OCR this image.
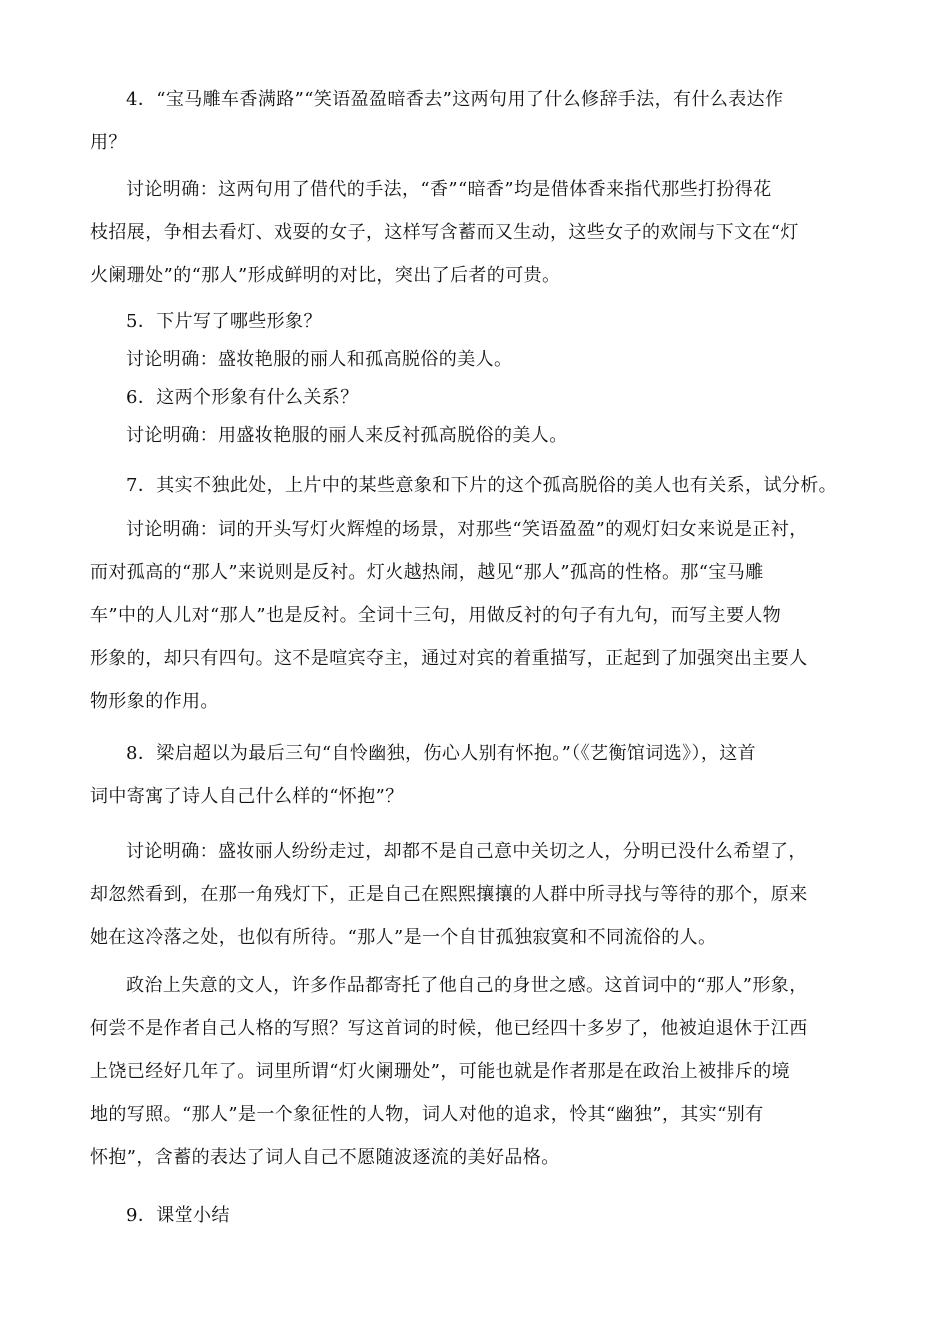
4．“宝马雕车香满路”“笑语盈盈暗香去”这两句用了什么修辞手法，有什么表达作
用？
讨论明确：这两句用了借代的手法，“香”“暗香”均是借体香来指代那些打扮得花
枝招展，争相去看灯、戏耍的女子，这样写含蓄而又生动，这些女子的欢闹与下文在“灯
火阑珊处”的“那人”形成鲜明的对比，突出了后者的可贵。
5．下片写了哪些形象？
讨论明确：盛妆艳服的丽人和孤高脱俗的美人。
6．这两个形象有什么关系？
讨论明确：用盛妆艳服的丽人来反衬孤高脱俗的美人。
7．其实不独此处，上片中的某些意象和下片的这个孤高脱俗的美人也有关系，试分析。
讨论明确：词的开头写灯火辉煌的场景，对那些“笑语盈盈”的观灯妇女来说是正衬，
而对孤高的“那人”来说则是反衬。灯火越热闹，越见“那人”孤高的性格。那“宝马雕
车”中的人儿对“那人”也是反衬。全词十三句，用做反衬的句子有九句，而写主要人物
形象的，却只有四句。这不是喧宾夺主，通过对宾的着重描写，正起到了加强突出主要人
物形象的作用。
8．梁启超以为最后三句“自怜幽独，伤心人别有怀抱。”（《艺衡馆词选》），这首
词中寄寓了诗人自己什么样的“怀抱”？
讨论明确：盛妆丽人纷纷走过，却都不是自己意中关切之人，分明已没什么希望了，
却忽然看到，在那一角残灯下，正是自己在熙熙攘攘的人群中所寻找与等待的那个，原来
她在这冷落之处，也似有所待。“那人”是一个自甘孤独寂寞和不同流俗的人。
政治上失意的文人，许多作品都寄托了他自己的身世之感。这首词中的“那人”形象，
何尝不是作者自己人格的写照？写这首词的时候，他已经四十多岁了，他被迫退休于江西
上饶已经好几年了。词里所谓“灯火阑珊处”，可能也就是作者那是在政治上被排斥的境
地的写照。“那人”是一个象征性的人物，词人对他的追求，怜其“幽独”，其实“别有
怀抱”，含蓄的表达了词人自己不愿随波逐流的美好品格。
9．课堂小结
